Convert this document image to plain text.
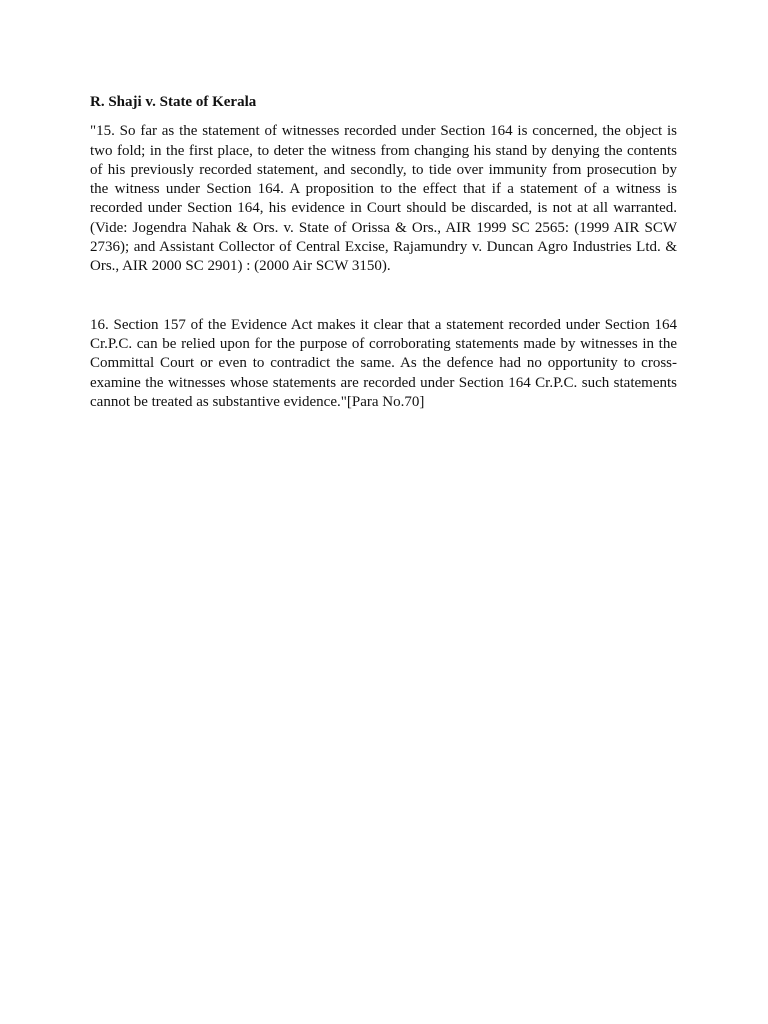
R. Shaji v. State of Kerala

"15. So far as the statement of witnesses recorded under Section 164 is concerned, the object is two fold; in the first place, to deter the witness from changing his stand by denying the contents of his previously recorded statement, and secondly, to tide over immunity from prosecution by the witness under Section 164. A proposition to the effect that if a statement of a witness is recorded under Section 164, his evidence in Court should be discarded, is not at all warranted. (Vide: Jogendra Nahak & Ors. v. State of Orissa & Ors., AIR 1999 SC 2565: (1999 AIR SCW 2736); and Assistant Collector of Central Excise, Rajamundry v. Duncan Agro Industries Ltd. & Ors., AIR 2000 SC 2901) : (2000 Air SCW 3150).

16. Section 157 of the Evidence Act makes it clear that a statement recorded under Section 164 Cr.P.C. can be relied upon for the purpose of corroborating statements made by witnesses in the Committal Court or even to contradict the same. As the defence had no opportunity to cross-examine the witnesses whose statements are recorded under Section 164 Cr.P.C. such statements cannot be treated as substantive evidence."[Para No.70]
